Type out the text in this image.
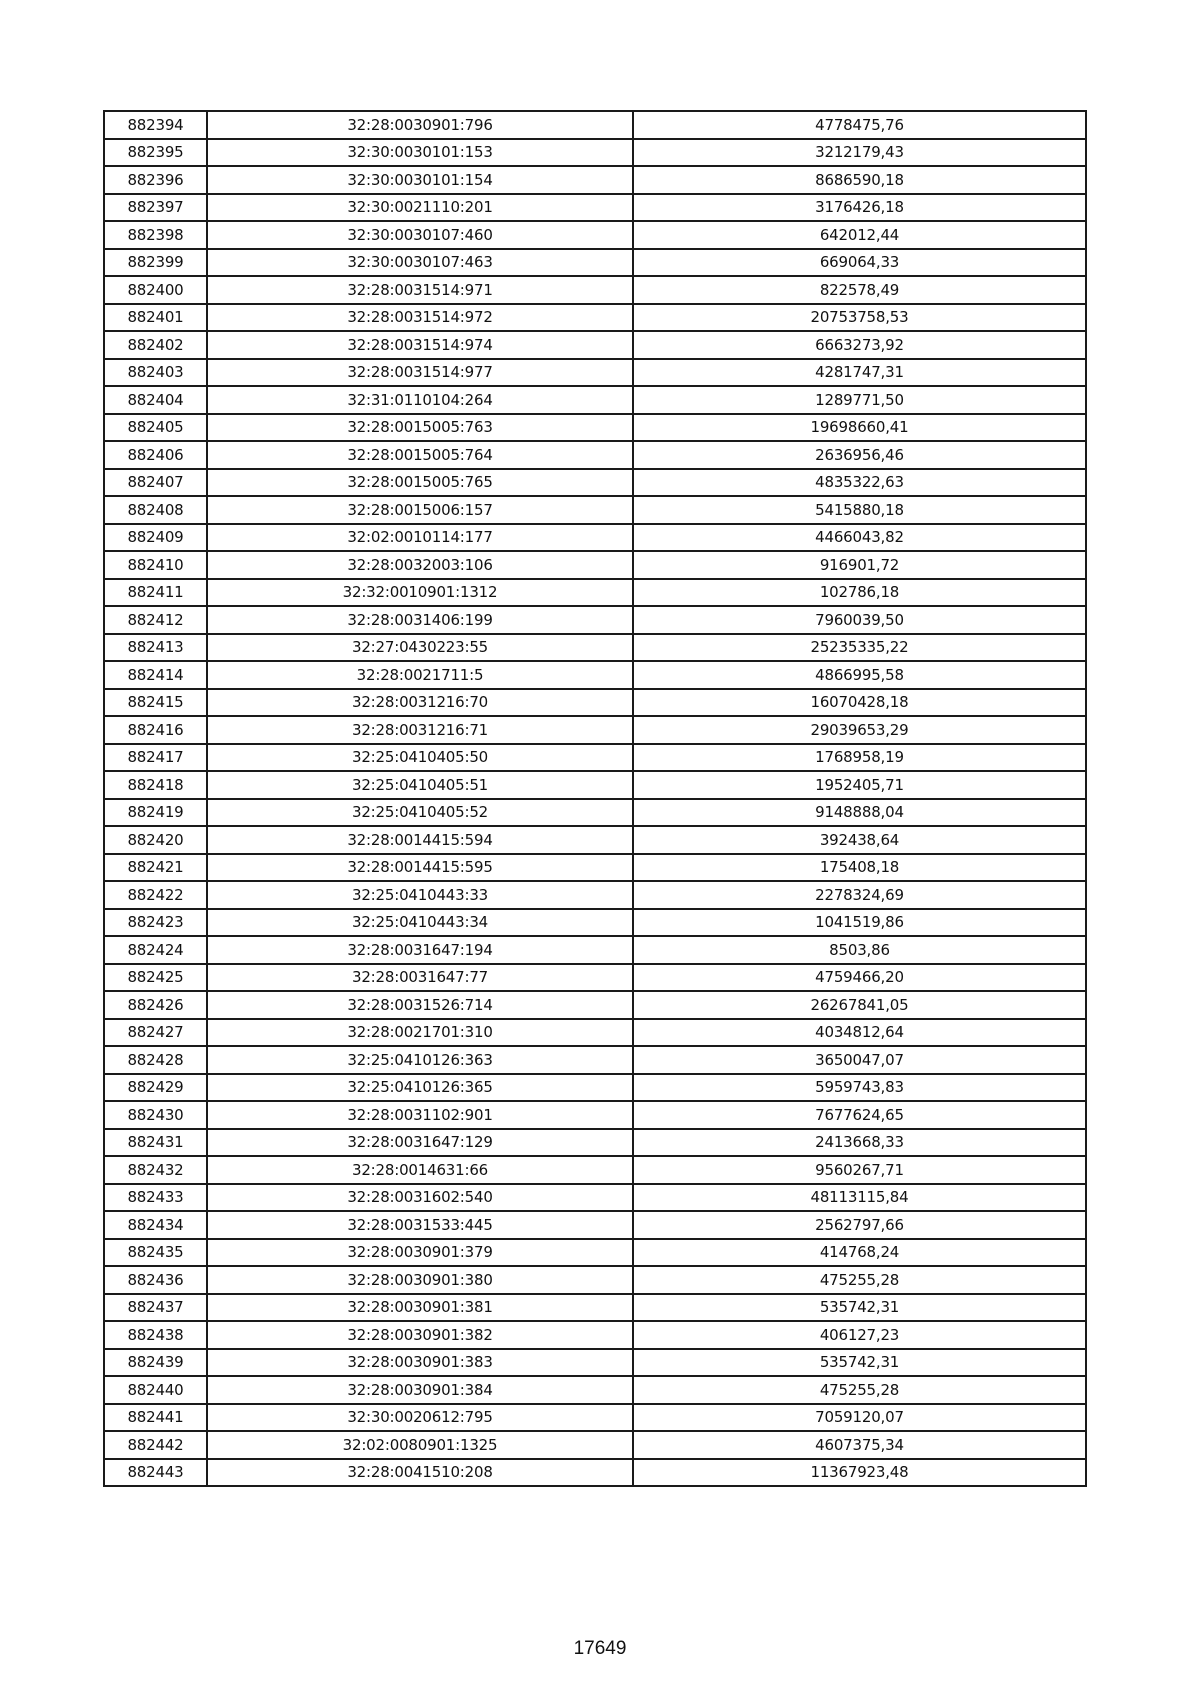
882394	32:28:0030901:796	4778475,76
882395	32:30:0030101:153	3212179,43
882396	32:30:0030101:154	8686590,18
882397	32:30:0021110:201	3176426,18
882398	32:30:0030107:460	642012,44
882399	32:30:0030107:463	669064,33
882400	32:28:0031514:971	822578,49
882401	32:28:0031514:972	20753758,53
882402	32:28:0031514:974	6663273,92
882403	32:28:0031514:977	4281747,31
882404	32:31:0110104:264	1289771,50
882405	32:28:0015005:763	19698660,41
882406	32:28:0015005:764	2636956,46
882407	32:28:0015005:765	4835322,63
882408	32:28:0015006:157	5415880,18
882409	32:02:0010114:177	4466043,82
882410	32:28:0032003:106	916901,72
882411	32:32:0010901:1312	102786,18
882412	32:28:0031406:199	7960039,50
882413	32:27:0430223:55	25235335,22
882414	32:28:0021711:5	4866995,58
882415	32:28:0031216:70	16070428,18
882416	32:28:0031216:71	29039653,29
882417	32:25:0410405:50	1768958,19
882418	32:25:0410405:51	1952405,71
882419	32:25:0410405:52	9148888,04
882420	32:28:0014415:594	392438,64
882421	32:28:0014415:595	175408,18
882422	32:25:0410443:33	2278324,69
882423	32:25:0410443:34	1041519,86
882424	32:28:0031647:194	8503,86
882425	32:28:0031647:77	4759466,20
882426	32:28:0031526:714	26267841,05
882427	32:28:0021701:310	4034812,64
882428	32:25:0410126:363	3650047,07
882429	32:25:0410126:365	5959743,83
882430	32:28:0031102:901	7677624,65
882431	32:28:0031647:129	2413668,33
882432	32:28:0014631:66	9560267,71
882433	32:28:0031602:540	48113115,84
882434	32:28:0031533:445	2562797,66
882435	32:28:0030901:379	414768,24
882436	32:28:0030901:380	475255,28
882437	32:28:0030901:381	535742,31
882438	32:28:0030901:382	406127,23
882439	32:28:0030901:383	535742,31
882440	32:28:0030901:384	475255,28
882441	32:30:0020612:795	7059120,07
882442	32:02:0080901:1325	4607375,34
882443	32:28:0041510:208	11367923,48
17649
